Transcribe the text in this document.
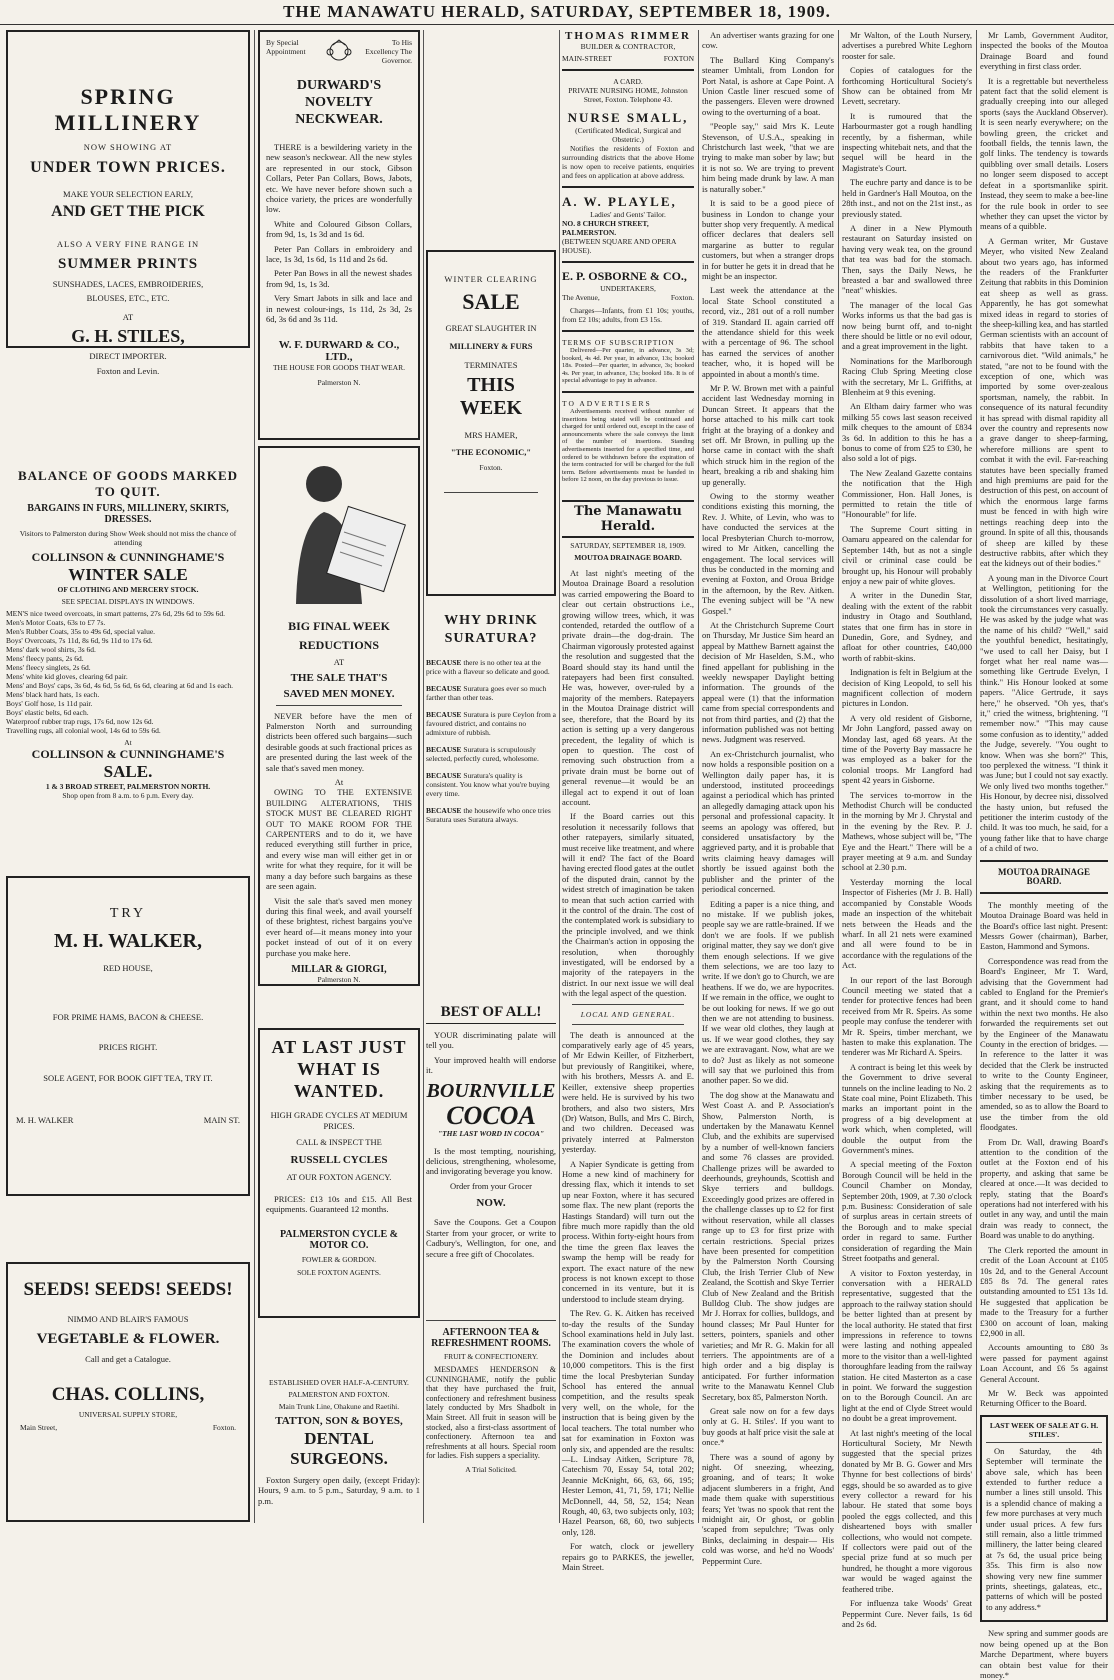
THE MANAWATU HERALD, SATURDAY, SEPTEMBER 18, 1909.
SPRING MILLINERY
NOW SHOWING AT
UNDER TOWN PRICES.
MAKE YOUR SELECTION EARLY,
AND GET THE PICK
ALSO A VERY FINE RANGE IN
SUMMER PRINTS
SUNSHADES, LACES, EMBROIDERIES,
BLOUSES, ETC., ETC.
AT
G. H. STILES,
DIRECT IMPORTER.
Foxton and Levin.
BALANCE OF GOODS MARKED TO QUIT.
BARGAINS IN FURS, MILLINERY, SKIRTS, DRESSES.
Visitors to Palmerston during Show Week should not miss the chance of attending
COLLINSON & CUNNINGHAME'S
WINTER SALE
OF CLOTHING AND MERCERY STOCK.
SEE SPECIAL DISPLAYS IN WINDOWS.
MEN'S nice tweed overcoats, in smart patterns, 27s 6d, 29s 6d to 59s 6d.
Men's Motor Coats, 63s to £7 7s.
Men's Rubber Coats, 35s to 49s 6d, special value.
Boys' Overcoats, 7s 11d, 8s 6d, 9s 11d to 17s 6d.
Mens' dark wool shirts, 3s 6d.
Mens' fleecy pants, 2s 6d.
Mens' fleecy singlets, 2s 6d.
Mens' white kid gloves, clearing 6d pair.
Mens' and Boys' caps, 3s 6d, 4s 6d, 5s 6d, 6s 6d, clearing at 6d and 1s each.
Mens' black hard hats, 1s each.
Boys' Golf hose, 1s 11d pair.
Boys' elastic belts, 6d each.
Waterproof rubber trap rugs, 17s 6d, now 12s 6d.
Travelling rugs, all colonial wool, 14s 6d to 59s 6d.
At
COLLINSON & CUNNINGHAME'S
SALE.
1 & 3 BROAD STREET, PALMERSTON NORTH.
Shop open from 8 a.m. to 6 p.m. Every day.
TRY
M. H. WALKER,
RED HOUSE,
FOR PRIME HAMS, BACON & CHEESE.
PRICES RIGHT.
SOLE AGENT, FOR BOOK GIFT TEA, TRY IT.
M. H. WALKER	MAIN ST.
SEEDS! SEEDS! SEEDS!
NIMMO AND BLAIR'S FAMOUS
VEGETABLE & FLOWER.
Call and get a Catalogue.
CHAS. COLLINS,
UNIVERSAL SUPPLY STORE,
Main Street,	Foxton.
By Special Appointment
To His Excellency The Governor.
DURWARD'S NOVELTY NECKWEAR.
THERE is a bewildering variety in the new season's neckwear. All the new styles are represented in our stock, Gibson Collars, Peter Pan Collars, Bows, Jabots, etc. We have never before shown such a choice variety, the prices are wonderfully low.
White and Coloured Gibson Collars, from 9d, 1s, 1s 3d and 1s 6d.
Peter Pan Collars in embroidery and lace, 1s 3d, 1s 6d, 1s 11d and 2s 6d.
Peter Pan Bows in all the newest shades from 9d, 1s, 1s 3d.
Very Smart Jabots in silk and lace and in newest colour-ings, 1s 11d, 2s 3d, 2s 6d, 3s 6d and 3s 11d.
W. F. DURWARD & CO., LTD.,
THE HOUSE FOR GOODS THAT WEAR.
Palmerston N.
BIG FINAL WEEK
REDUCTIONS
AT
THE SALE THAT'S
SAVED MEN MONEY.
NEVER before have the men of Palmerston North and surrounding districts been offered such bargains—such desirable goods at such fractional prices as are presented during the last week of the sale that's saved men money.
At
OWING TO THE EXTENSIVE BUILDING ALTERATIONS, THIS STOCK MUST BE CLEARED RIGHT OUT TO MAKE ROOM FOR THE CARPENTERS and to do it, we have reduced everything still further in price, and every wise man will either get in or write for what they require, for it will be many a day before such bargains as these are seen again.
Visit the sale that's saved men money during this final week, and avail yourself of these brightest, richest bargains you've ever heard of—it means money into your pocket instead of out of it on every purchase you make here.
MILLAR & GIORGI,
Palmerston N.
AT LAST JUST WHAT IS WANTED.
HIGH GRADE CYCLES AT MEDIUM PRICES.
CALL & INSPECT THE
RUSSELL CYCLES
AT OUR FOXTON AGENCY.
PRICES: £13 10s and £15. All Best equipments. Guaranteed 12 months.
PALMERSTON CYCLE & MOTOR CO.
FOWLER & GORDON.
SOLE FOXTON AGENTS.
ESTABLISHED OVER HALF-A-CENTURY.
PALMERSTON AND FOXTON.
Main Trunk Line, Ohakune and Raetihi.
TATTON, SON & BOYES,
DENTAL SURGEONS.
Foxton Surgery open daily, (except Friday): Hours, 9 a.m. to 5 p.m., Saturday, 9 a.m. to 1 p.m.
WINTER CLEARING
SALE
GREAT SLAUGHTER IN
MILLINERY & FURS
TERMINATES
THIS WEEK
MRS HAMER,
"THE ECONOMIC,"
Foxton.
WHY DRINK SURATURA?

BECAUSE there is no other tea at the price with a flaveur so delicate and good.

BECAUSE Suratura goes ever so much farther than other teas.

BECAUSE Suratura is pure Ceylon from a favoured district, and contains no admixture of rubbish.

BECAUSE Suratura is scrupulously selected, perfectly cured, wholesome.

BECAUSE Suratura's quality is consistent. You know what you're buying every time.

BECAUSE the housewife who once tries Suratura uses Suratura always.

BEST OF ALL!
YOUR discriminating palate will tell you.
Your improved health will endorse it.
BOURNVILLE
COCOA
"THE LAST WORD IN COCOA"
Is the most tempting, nourishing, delicious, strengthening, wholesome, and invigorating beverage you know.
Order from your Grocer
NOW.
Save the Coupons. Get a Coupon Starter from your grocer, or write to Cadbury's, Wellington, for one, and secure a free gift of Chocolates.
AFTERNOON TEA & REFRESHMENT ROOMS.
FRUIT & CONFECTIONERY.
MESDAMES HENDERSON & CUNNINGHAME, notify the public that they have purchased the fruit, confectionery and refreshment business lately conducted by Mrs Shadbolt in Main Street. All fruit in season will be stocked, also a first-class assortment of confectionery. Afternoon tea and refreshments at all hours. Special room for ladies. Fish suppers a speciality.
A Trial Solicited.
THOMAS RIMMER
BUILDER & CONTRACTOR,
MAIN-STREET	FOXTON
A CARD.
PRIVATE NURSING HOME, Johnston Street, Foxton. Telephone 43.
NURSE SMALL,
(Certificated Medical, Surgical and Obstetric.)
Notifies the residents of Foxton and surrounding districts that the above Home is now open to receive patients, enquiries and fees on application at above address.
A. W. PLAYLE,
Ladies' and Gents' Tailor.
NO. 8 CHURCH STREET, PALMERSTON.
(BETWEEN SQUARE AND OPERA HOUSE).
E. P. OSBORNE & CO.,
UNDERTAKERS,
The Avenue,	Foxton.
Charges—Infants, from £1 10s; youths, from £2 10s; adults, from £3 15s.
TERMS OF SUBSCRIPTION
Delivered—Per quarter, in advance, 3s 3d; booked, 4s 4d. Per year, in advance, 13s; booked 18s. Posted—Per quarter, in advance, 3s; booked 4s. Per year, in advance, 13s; booked 18s. It is of special advantage to pay in advance.
TO ADVERTISERS
Advertisements received without number of insertions being stated will be continued and charged for until ordered out, except in the case of announcements where the sale conveys the limit of the number of insertions. Standing advertisements inserted for a specified time, and ordered to be withdrawn before the expiration of the term contracted for will be charged for the full term. Before advertisements must be handed in before 12 noon, on the day previous to issue.
The Manawatu Herald.
SATURDAY, SEPTEMBER 18, 1909.
MOUTOA DRAINAGE BOARD.

At last night's meeting of the Moutoa Drainage Board a resolution was carried empowering the Board to clear out certain obstructions i.e., growing willow trees, which, it was contended, retarded the outflow of a private drain—the dog-drain. The Chairman vigorously protested against the resolution and suggested that the Board should stay its hand until the ratepayers had been first consulted. He was, however, over-ruled by a majority of the members. Ratepayers in the Moutoa Drainage district will see, therefore, that the Board by its action is setting up a very dangerous precedent, the legality of which is open to question. The cost of removing such obstruction from a private drain must be borne out of general revenue—it would be an illegal act to expend it out of loan account.

If the Board carries out this resolution it necessarily follows that other ratepayers, similarly situated, must receive like treatment, and where will it end? The fact of the Board having erected flood gates at the outlet of the disputed drain, cannot by the widest stretch of imagination be taken to mean that such action carried with it the control of the drain. The cost of the contemplated work is subsidiary to the principle involved, and we think the Chairman's action in opposing the resolution, when thoroughly investigated, will be endorsed by a majority of the ratepayers in the district. In our next issue we will deal with the legal aspect of the question.

LOCAL AND GENERAL.

The death is announced at the comparatively early age of 45 years, of Mr Edwin Keiller, of Fitzherbert, but previously of Rangitikei, where, with his brothers, Messrs A. and E. Keiller, extensive sheep properties were held. He is survived by his two brothers, and also two sisters, Mrs (Dr) Watson, Bulls, and Mrs C. Birch, and two children. Deceased was privately interred at Palmerston yesterday.

A Napier Syndicate is getting from Home a new kind of machinery for dressing flax, which it intends to set up near Foxton, where it has secured some flax. The new plant (reports the Hastings Standard) will turn out the fibre much more rapidly than the old process. Within forty-eight hours from the time the green flax leaves the swamp the hemp will be ready for export. The exact nature of the new process is not known except to those concerned in its venture, but it is understood to include steam drying.

The Rev. G. K. Aitken has received to-day the results of the Sunday School examinations held in July last. The examination covers the whole of the Dominion and includes about 10,000 competitors. This is the first time the local Presbyterian Sunday School has entered the annual competition, and the results speak very well, on the whole, for the instruction that is being given by the local teachers. The total number who sat for examination in Foxton was only six, and appended are the results:—L. Lindsay Aitken, Scripture 78, Catechism 70, Essay 54, total 202; Jeannie McKnight, 66, 63, 66, 195; Hester Lemon, 41, 71, 59, 171; Nellie McDonnell, 44, 58, 52, 154; Nean Rough, 40, 63, two subjects only, 103; Hazel Pearson, 68, 60, two subjects only, 128.

For watch, clock or jewellery repairs go to PARKES, the jeweller, Main Street.

An advertiser wants grazing for one cow.

The Bullard King Company's steamer Umhtali, from London for Port Natal, is ashore at Cape Point. A Union Castle liner rescued some of the passengers. Eleven were drowned owing to the overturning of a boat.

"People say," said Mrs K. Leute Stevenson, of U.S.A., speaking in Christchurch last week, "that we are trying to make man sober by law; but it is not so. We are trying to prevent him being made drunk by law. A man is naturally sober."

It is said to be a good piece of business in London to change your butter shop very frequently. A medical officer declares that dealers sell margarine as butter to regular customers, but when a stranger drops in for butter he gets it in dread that he might be an inspector.

Last week the attendance at the local State School constituted a record, viz., 281 out of a roll number of 319. Standard II. again carried off the attendance shield for this week with a percentage of 96. The school has earned the services of another teacher, who, it is hoped will be appointed in about a month's time.

Mr P. W. Brown met with a painful accident last Wednesday morning in Duncan Street. It appears that the horse attached to his milk cart took fright at the braying of a donkey and set off. Mr Brown, in pulling up the horse came in contact with the shaft which struck him in the region of the heart, breaking a rib and shaking him up generally.

Owing to the stormy weather conditions existing this morning, the Rev. J. White, of Levin, who was to have conducted the services at the local Presbyterian Church to-morrow, wired to Mr Aitken, cancelling the engagement. The local services will thus be conducted in the morning and evening at Foxton, and Oroua Bridge in the afternoon, by the Rev. Aitken. The evening subject will be "A new Gospel."

At the Christchurch Supreme Court on Thursday, Mr Justice Sim heard an appeal by Matthew Barnett against the decision of Mr Haselden, S.M., who fined appellant for publishing in the weekly newspaper Daylight betting information. The grounds of the appeal were (1) that the information came from special correspondents and not from third parties, and (2) that the information published was not betting news. Judgment was reserved.

An ex-Christchurch journalist, who now holds a responsible position on a Wellington daily paper has, it is understood, instituted proceedings against a periodical which has printed an allegedly damaging attack upon his personal and professional capacity. It seems an apology was offered, but considered unsatisfactory by the aggrieved party, and it is probable that writs claiming heavy damages will shortly be issued against both the publisher and the printer of the periodical concerned.

Editing a paper is a nice thing, and no mistake. If we publish jokes, people say we are rattle-brained. If we don't we are fools. If we publish original matter, they say we don't give them enough selections. If we give them selections, we are too lazy to write. If we don't go to Church, we are heathens. If we do, we are hypocrites. If we remain in the office, we ought to be out looking for news. If we go out then we are not attending to business. If we wear old clothes, they laugh at us. If we wear good clothes, they say we are extravagant. Now, what are we to do? Just as likely as not someone will say that we purloined this from another paper. So we did.

The dog show at the Manawatu and West Coast A. and P. Association's Show, Palmerston North, is undertaken by the Manawatu Kennel Club, and the exhibits are supervised by a number of well-known fanciers and some 76 classes are provided. Challenge prizes will be awarded to deerhounds, greyhounds, Scottish and Skye terriers and bulldogs. Exceedingly good prizes are offered in the challenge classes up to £2 for first without reservation, while all classes range up to £3 for first prize with certain restrictions. Special prizes have been presented for competition by the Palmerston North Coursing Club, the Irish Terrier Club of New Zealand, the Scottish and Skye Terrier Club of New Zealand and the British Bulldog Club. The show judges are Mr J. Horrax for collies, bulldogs, and hound classes; Mr Paul Hunter for setters, pointers, spaniels and other varieties; and Mr R. G. Makin for all terriers. The appointments are of a high order and a big display is anticipated. For further information write to the Manawatu Kennel Club Secretary, box 85, Palmerston North.

Great sale now on for a few days only at G. H. Stiles'. If you want to buy goods at half price visit the sale at once.*

There was a sound of agony by night. Of sneezing, wheezing, groaning, and of tears; It woke adjacent slumberers in a fright, And made them quake with superstitious fears; Yet 'twas no spook that rent the midnight air, Or ghost, or goblin 'scaped from sepulchre; 'Twas only Binks, declaiming in despair— His cold was worse, and he'd no Woods' Peppermint Cure.

Mr Walton, of the Louth Nursery, advertises a purebred White Leghorn rooster for sale.

Copies of catalogues for the forthcoming Horticultural Society's Show can be obtained from Mr Levett, secretary.

It is rumoured that the Harbourmaster got a rough handling recently, by a fisherman, while inspecting whitebait nets, and that the sequel will be heard in the Magistrate's Court.

The euchre party and dance is to be held in Gardner's Hall Moutoa, on the 28th inst., and not on the 21st inst., as previously stated.

A diner in a New Plymouth restaurant on Saturday insisted on having very weak tea, on the ground that tea was bad for the stomach. Then, says the Daily News, he breasted a bar and swallowed three "neat" whiskies.

The manager of the local Gas Works informs us that the bad gas is now being burnt off, and to-night there should be little or no evil odour, and a great improvement in the light.

Nominations for the Marlborough Racing Club Spring Meeting close with the secretary, Mr L. Griffiths, at Blenheim at 9 this evening.

An Eltham dairy farmer who was milking 55 cows last season received milk cheques to the amount of £834 3s 6d. In addition to this he has a bonus to come of from £25 to £30, he also sold a lot of pigs.

The New Zealand Gazette contains the notification that the High Commissioner, Hon. Hall Jones, is permitted to retain the title of "Honourable" for life.

The Supreme Court sitting in Oamaru appeared on the calendar for September 14th, but as not a single civil or criminal case could be brought up, his Honour will probably enjoy a new pair of white gloves.

A writer in the Dunedin Star, dealing with the extent of the rabbit industry in Otago and Southland, states that one firm has in store in Dunedin, Gore, and Sydney, and afloat for other countries, £40,000 worth of rabbit-skins.

Indignation is felt in Belgium at the decision of King Leopold, to sell his magnificent collection of modern pictures in London.

A very old resident of Gisborne, Mr John Langford, passed away on Monday last, aged 68 years. At the time of the Poverty Bay massacre he was employed as a baker for the colonial troops. Mr Langford had spent 42 years in Gisborne.

The services to-morrow in the Methodist Church will be conducted in the morning by Mr J. Chrystal and in the evening by the Rev. P. J. Mathews, whose subject will be, "The Eye and the Heart." There will be a prayer meeting at 9 a.m. and Sunday school at 2.30 p.m.

Yesterday morning the local Inspector of Fisheries (Mr J. B. Hall) accompanied by Constable Woods made an inspection of the whitebait nets between the Heads and the wharf. In all 21 nets were examined and all were found to be in accordance with the regulations of the Act.

In our report of the last Borough Council meeting we stated that a tender for protective fences had been received from Mr R. Speirs. As some people may confuse the tenderer with Mr R. Speirs, timber merchant, we hasten to make this explanation. The tenderer was Mr Richard A. Speirs.

A contract is being let this week by the Government to drive several tunnels on the incline leading to No. 2 State coal mine, Point Elizabeth. This marks an important point in the progress of a big development at work which, when completed, will double the output from the Government's mines.

A special meeting of the Foxton Borough Council will be held in the Council Chamber on Monday, September 20th, 1909, at 7.30 o'clock p.m. Business: Consideration of sale of surplus areas in certain streets of the Borough and to make special order in regard to same. Further consideration of regarding the Main Street footpaths and general.

A visitor to Foxton yesterday, in conversation with a HERALD representative, suggested that the approach to the railway station should be better lighted than at present by the local authority. He stated that first impressions in reference to towns were lasting and nothing appealed more to the visitor than a well-lighted thoroughfare leading from the railway station. He cited Masterton as a case in point. We forward the suggestion on to the Borough Council. An arc light at the end of Clyde Street would no doubt be a great improvement.

At last night's meeting of the local Horticultural Society, Mr Newth suggested that the special prizes donated by Mr B. G. Gower and Mrs Thynne for best collections of birds' eggs, should be so awarded as to give every collector a reward for his labour. He stated that some boys pooled the eggs collected, and this disheartened boys with smaller collections, who would not compete. If collectors were paid out of the special prize fund at so much per hundred, he thought a more vigorous war would be waged against the feathered tribe.

For influenza take Woods' Great Peppermint Cure. Never fails, 1s 6d and 2s 6d.

Mr Lamb, Government Auditor, inspected the books of the Moutoa Drainage Board and found everything in first class order.

It is a regrettable but nevertheless patent fact that the solid element is gradually creeping into our alleged sports (says the Auckland Observer). It is seen nearly everywhere; on the bowling green, the cricket and football fields, the tennis lawn, the golf links. The tendency is towards quibbling over small details. Losers no longer seem disposed to accept defeat in a sportsmanlike spirit. Instead, they seem to make a bee-line for the rule book in order to see whether they can upset the victor by means of a quibble.

A German writer, Mr Gustave Meyer, who visited New Zealand about two years ago, has informed the readers of the Frankfurter Zeitung that rabbits in this Dominion eat sheep as well as grass. Apparently, he has got somewhat mixed ideas in regard to stories of the sheep-killing kea, and has startled German scientists with an account of rabbits that have taken to a carnivorous diet. "Wild animals," he stated, "are not to be found with the exception of one, which was imported by some over-zealous sportsman, namely, the rabbit. In consequence of its natural fecundity it has spread with dismal rapidity all over the country and represents now a grave danger to sheep-farming, wherefore millions are spent to combat it with the evil. Far-reaching statutes have been specially framed and high premiums are paid for the destruction of this pest, on account of which the enormous large farms must be fenced in with high wire nettings reaching deep into the ground. In spite of all this, thousands of sheep are killed by these destructive rabbits, after which they eat the kidneys out of their bodies."

A young man in the Divorce Court at Wellington, petitioning for the dissolution of a short lived marriage, took the circumstances very casually. He was asked by the judge what was the name of his child? "Well," said the youthful benedict, hesitatingly, "we used to call her Daisy, but I forget what her real name was—something like Gertrude Evelyn, I think." His Honour looked at some papers. "Alice Gertrude, it says here," he observed. "Oh yes, that's it," cried the witness, brightening. "I remember now." "This may cause some confusion as to identity," added the Judge, severely. "You ought to know. When was she born?" This, too perplexed the witness. "I think it was June; but I could not say exactly. We only lived two months together." His Honour, by decree nisi, dissolved the hasty union, but refused the petitioner the interim custody of the child. It was too much, he said, for a young father like that to have charge of a child of two.

MOUTOA DRAINAGE BOARD.

The monthly meeting of the Moutoa Drainage Board was held in the Board's office last night. Present: Messrs Gower (chairman), Barber, Easton, Hammond and Symons.

Correspondence was read from the Board's Engineer, Mr T. Ward, advising that the Government had cabled to England for the Premier's grant, and it should come to hand within the next two months. He also forwarded the requirements set out by the Engineer of the Manawatu County in the erection of bridges. —In reference to the latter it was decided that the Clerk be instructed to write to the County Engineer, asking that the requirements as to timber necessary to be used, be amended, so as to allow the Board to use the timber from the old floodgates.

From Dr. Wall, drawing Board's attention to the condition of the outlet at the Foxton end of his property, and asking that same be cleared at once.—It was decided to reply, stating that the Board's operations had not interfered with his outlet in any way, and until the main drain was ready to connect, the Board was unable to do anything.

The Clerk reported the amount in credit of the Loan Account at £105 10s 2d, and to the General Account £85 8s 7d. The general rates outstanding amounted to £51 13s 1d. He suggested that application be made to the Treasury for a further £300 on account of loan, making £2,900 in all.

Accounts amounting to £80 3s were passed for payment against Loan Account, and £6 5s against General Account.

Mr W. Beck was appointed Returning Officer to the Board.

LAST WEEK OF SALE AT G. H. STILES'.

On Saturday, the 4th September will terminate the above sale, which has been extended to further reduce a number a lines still unsold. This is a splendid chance of making a few more purchases at very much under usual prices. A few furs still remain, also a little trimmed millinery, the latter being cleared at 7s 6d, the usual price being 35s. This firm is also now showing very new fine summer prints, sheetings, galateas, etc., patterns of which will be posted to any address.*

New spring and summer goods are now being opened up at the Bon Marche Department, where buyers can obtain best value for their money.*
